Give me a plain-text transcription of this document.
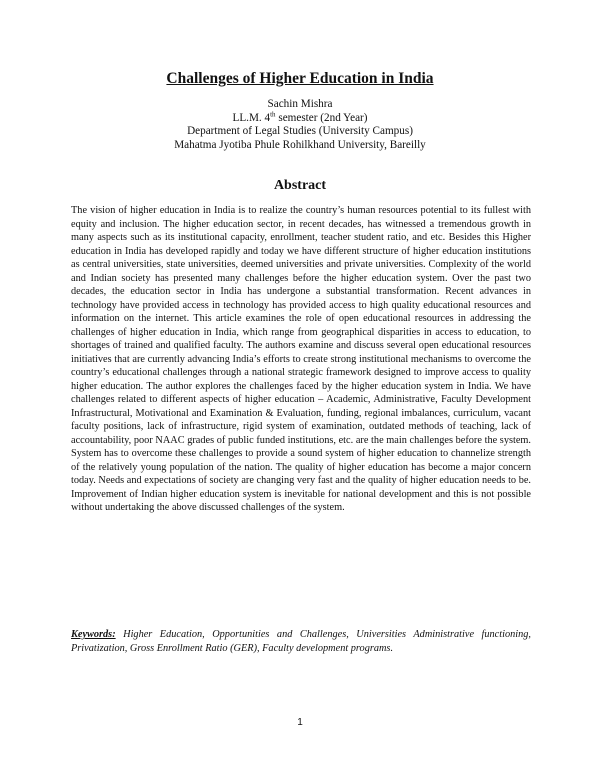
Challenges of Higher Education in India
Sachin Mishra
LL.M. 4th semester (2nd Year)
Department of Legal Studies (University Campus)
Mahatma Jyotiba Phule Rohilkhand University, Bareilly
Abstract
The vision of higher education in India is to realize the country’s human resources potential to its fullest with equity and inclusion. The higher education sector, in recent decades, has witnessed a tremendous growth in many aspects such as its institutional capacity, enrollment, teacher student ratio, and etc. Besides this Higher education in India has developed rapidly and today we have different structure of higher education institutions as central universities, state universities, deemed universities and private universities. Complexity of the world and Indian society has presented many challenges before the higher education system. Over the past two decades, the education sector in India has undergone a substantial transformation. Recent advances in technology have provided access in technology has provided access to high quality educational resources and information on the internet. This article examines the role of open educational resources in addressing the challenges of higher education in India, which range from geographical disparities in access to education, to shortages of trained and qualified faculty. The authors examine and discuss several open educational resources initiatives that are currently advancing India’s efforts to create strong institutional mechanisms to overcome the country’s educational challenges through a national strategic framework designed to improve access to quality higher education. The author explores the challenges faced by the higher education system in India. We have challenges related to different aspects of higher education – Academic, Administrative, Faculty Development Infrastructural, Motivational and Examination & Evaluation, funding, regional imbalances, curriculum, vacant faculty positions, lack of infrastructure, rigid system of examination, outdated methods of teaching, lack of accountability, poor NAAC grades of public funded institutions, etc. are the main challenges before the system. System has to overcome these challenges to provide a sound system of higher education to channelize strength of the relatively young population of the nation. The quality of higher education has become a major concern today. Needs and expectations of society are changing very fast and the quality of higher education needs to be. Improvement of Indian higher education system is inevitable for national development and this is not possible without undertaking the above discussed challenges of the system.
Keywords: Higher Education, Opportunities and Challenges, Universities Administrative functioning, Privatization, Gross Enrollment Ratio (GER), Faculty development programs.
1
